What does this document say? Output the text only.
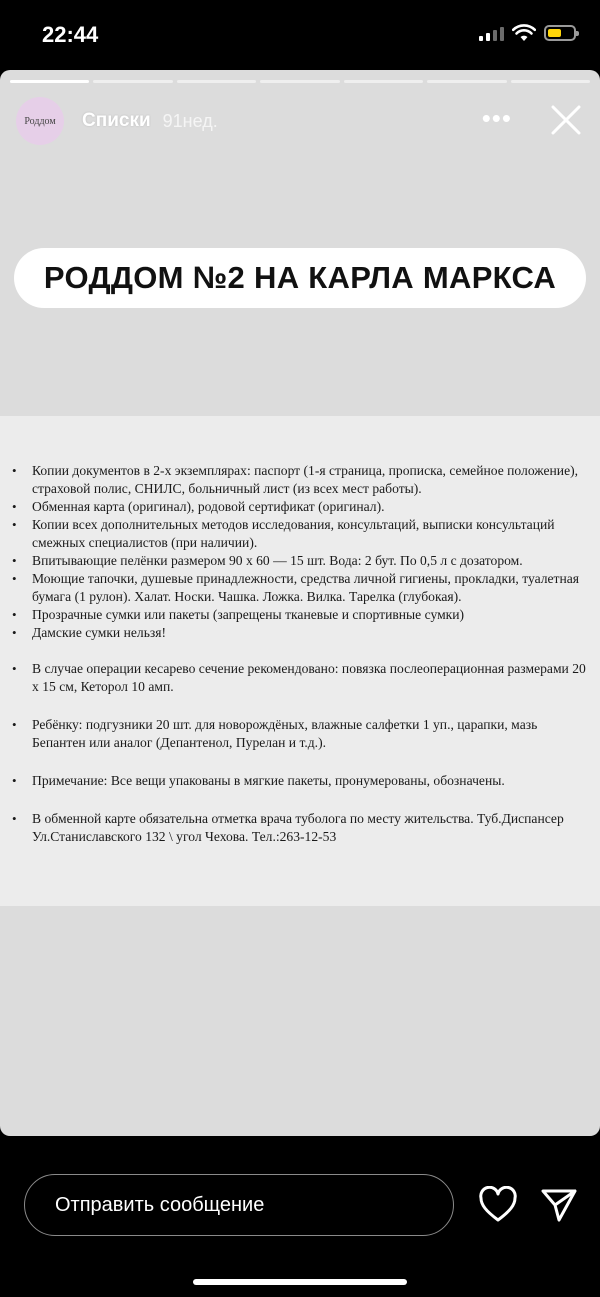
22:44
Роддом Списки 91нед.	•••
РОДДОМ №2 НА КАРЛА МАРКСА
• Копии документов в 2-х экземплярах: паспорт (1-я страница, прописка, семейное положение), страховой полис, СНИЛС, больничный лист (из всех мест работы).
• Обменная карта (оригинал), родовой сертификат (оригинал).
• Копии всех дополнительных методов исследования, консультаций, выписки консультаций смежных специалистов (при наличии).
• Впитывающие пелёнки размером 90 х 60 — 15 шт. Вода: 2 бут. По 0,5 л с дозатором.
• Моющие тапочки, душевые принадлежности, средства личной гигиены, прокладки, туалетная бумага (1 рулон). Халат. Носки. Чашка. Ложка. Вилка. Тарелка (глубокая).
• Прозрачные сумки или пакеты (запрещены тканевые и спортивные сумки)
• Дамские сумки нельзя!
• В случае операции кесарево сечение рекомендовано: повязка послеоперационная размерами 20 х 15 см, Кеторол 10 амп.
• Ребёнку: подгузники 20 шт. для новорождёных, влажные салфетки 1 уп., царапки, мазь Бепантен или аналог (Депантенол, Пурелан и т.д.).
• Примечание: Все вещи упакованы в мягкие пакеты, пронумерованы, обозначены.
• В обменной карте обязательна отметка врача туболога по месту жительства. Туб.Диспансер Ул.Станиславского 132 \ угол Чехова. Тел.:263-12-53
Отправить сообщение
